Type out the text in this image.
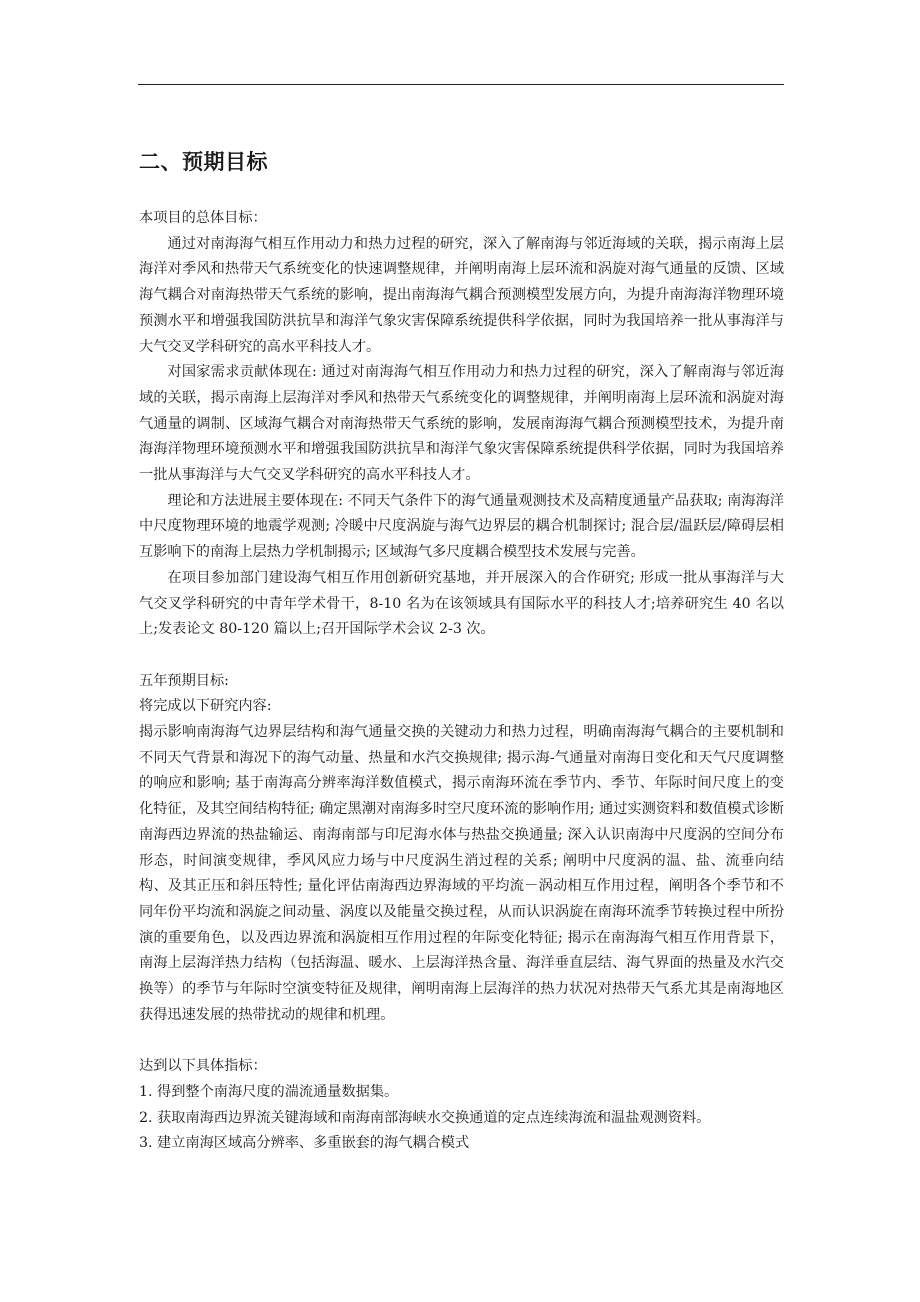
二、预期目标

本项目的总体目标：

通过对南海海气相互作用动力和热力过程的研究，深入了解南海与邻近海域的关联，揭示南海上层海洋对季风和热带天气系统变化的快速调整规律，并阐明南海上层环流和涡旋对海气通量的反馈、区域海气耦合对南海热带天气系统的影响，提出南海海气耦合预测模型发展方向，为提升南海海洋物理环境预测水平和增强我国防洪抗旱和海洋气象灾害保障系统提供科学依据，同时为我国培养一批从事海洋与大气交叉学科研究的高水平科技人才。

对国家需求贡献体现在: 通过对南海海气相互作用动力和热力过程的研究，深入了解南海与邻近海域的关联，揭示南海上层海洋对季风和热带天气系统变化的调整规律，并阐明南海上层环流和涡旋对海气通量的调制、区域海气耦合对南海热带天气系统的影响，发展南海海气耦合预测模型技术，为提升南海海洋物理环境预测水平和增强我国防洪抗旱和海洋气象灾害保障系统提供科学依据，同时为我国培养一批从事海洋与大气交叉学科研究的高水平科技人才。

理论和方法进展主要体现在: 不同天气条件下的海气通量观测技术及高精度通量产品获取; 南海海洋中尺度物理环境的地震学观测; 冷暖中尺度涡旋与海气边界层的耦合机制探讨; 混合层/温跃层/障碍层相互影响下的南海上层热力学机制揭示; 区域海气多尺度耦合模型技术发展与完善。

在项目参加部门建设海气相互作用创新研究基地，并开展深入的合作研究; 形成一批从事海洋与大气交叉学科研究的中青年学术骨干，8-10 名为在该领域具有国际水平的科技人才;培养研究生 40 名以上;发表论文 80-120 篇以上;召开国际学术会议 2-3 次。

五年预期目标:

将完成以下研究内容:

揭示影响南海海气边界层结构和海气通量交换的关键动力和热力过程，明确南海海气耦合的主要机制和不同天气背景和海况下的海气动量、热量和水汽交换规律; 揭示海-气通量对南海日变化和天气尺度调整的响应和影响; 基于南海高分辨率海洋数值模式，揭示南海环流在季节内、季节、年际时间尺度上的变化特征，及其空间结构特征; 确定黑潮对南海多时空尺度环流的影响作用; 通过实测资料和数值模式诊断南海西边界流的热盐输运、南海南部与印尼海水体与热盐交换通量; 深入认识南海中尺度涡的空间分布形态，时间演变规律，季风风应力场与中尺度涡生消过程的关系; 阐明中尺度涡的温、盐、流垂向结构、及其正压和斜压特性; 量化评估南海西边界海域的平均流－涡动相互作用过程，阐明各个季节和不同年份平均流和涡旋之间动量、涡度以及能量交换过程，从而认识涡旋在南海环流季节转换过程中所扮演的重要角色，以及西边界流和涡旋相互作用过程的年际变化特征; 揭示在南海海气相互作用背景下，南海上层海洋热力结构（包括海温、暖水、上层海洋热含量、海洋垂直层结、海气界面的热量及水汽交换等）的季节与年际时空演变特征及规律，阐明南海上层海洋的热力状况对热带天气系尤其是南海地区获得迅速发展的热带扰动的规律和机理。

达到以下具体指标：

1. 得到整个南海尺度的湍流通量数据集。
2. 获取南海西边界流关键海域和南海南部海峡水交换通道的定点连续海流和温盐观测资料。
3. 建立南海区域高分辨率、多重嵌套的海气耦合模式
